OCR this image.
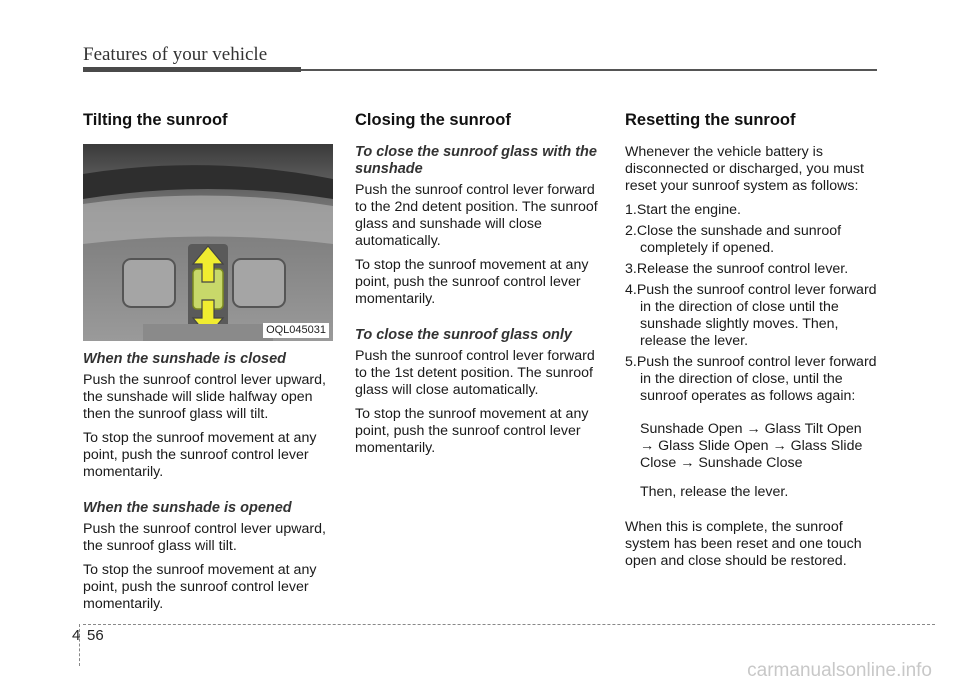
Features of your vehicle
Tilting the sunroof
OQL045031
When the sunshade is closed

Push the sunroof control lever upward, the sunshade will slide halfway open then the sunroof glass will tilt.

To stop the sunroof movement at any point, push the sunroof control lever momentarily.

When the sunshade is opened

Push the sunroof control lever upward, the sunroof glass will tilt.

To stop the sunroof movement at any point, push the sunroof control lever momentarily.

Closing the sunroof
To close the sunroof glass with the sunshade

Push the sunroof control lever forward to the 2nd detent position. The sunroof glass and sunshade will close automatically.

To stop the sunroof movement at any point, push the sunroof control lever momentarily.

To close the sunroof glass only

Push the sunroof control lever forward to the 1st detent position. The sunroof glass will close automatically.

To stop the sunroof movement at any point, push the sunroof control lever momentarily.

Resetting the sunroof

Whenever the vehicle battery is disconnected or discharged, you must reset your sunroof system as follows:

1.Start the engine.
2.Close the sunshade and sunroof completely if opened.
3.Release the sunroof control lever.
4.Push the sunroof control lever forward in the direction of close until the sunshade slightly moves. Then, release the lever.
5.Push the sunroof control lever forward in the direction of close, until the sunroof operates as follows again:
Sunshade Open → Glass Tilt Open → Glass Slide Open → Glass Slide Close → Sunshade Close
Then, release the lever.

When this is complete, the sunroof system has been reset and one touch open and close should be restored.

4 56
carmanualsonline.info
